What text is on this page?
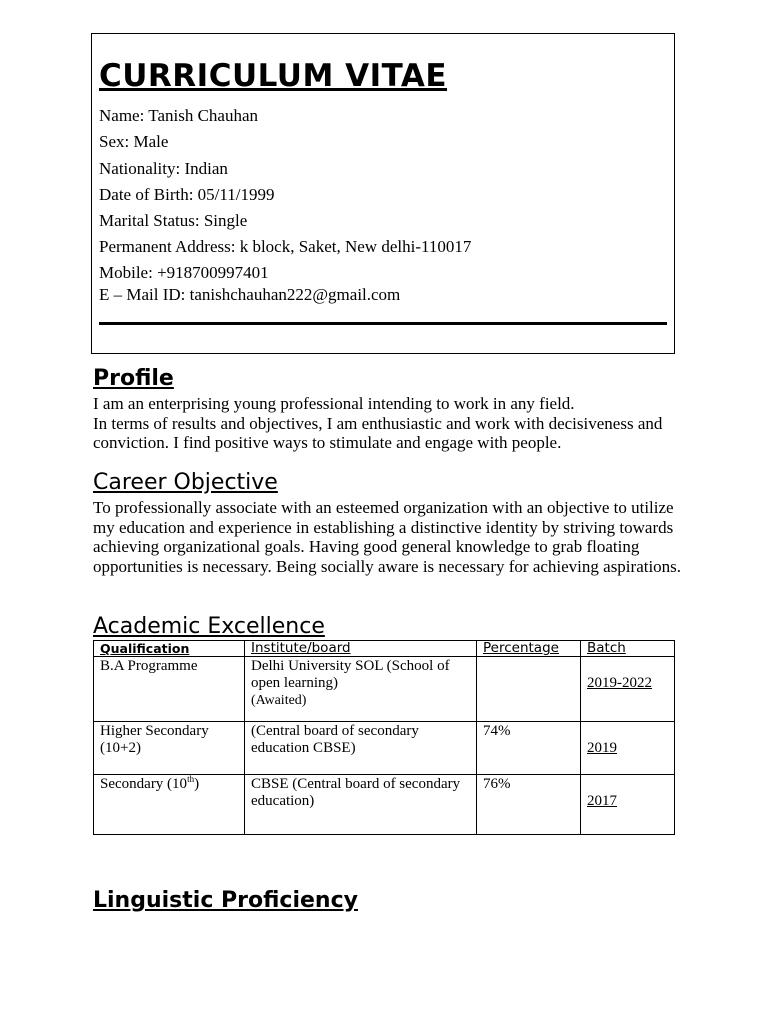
CURRICULUM VITAE

Name: Tanish Chauhan

Sex: Male

Nationality: Indian

Date of Birth: 05/11/1999

Marital Status: Single

Permanent Address: k block, Saket, New delhi-110017

Mobile: +918700997401

E – Mail ID: tanishchauhan222@gmail.com

Profile
I am an enterprising young professional intending to work in any field.
In terms of results and objectives, I am enthusiastic and work with decisiveness and conviction. I find positive ways to stimulate and engage with people.
Career Objective

To professionally associate with an esteemed organization with an objective to utilize my education and experience in establishing a distinctive identity by striving towards achieving organizational goals. Having good general knowledge to grab floating opportunities is necessary. Being socially aware is necessary for achieving aspirations.

Academic Excellence
Qualification	Institute/board	Percentage	Batch
B.A Programme	Delhi University SOL (School of open learning)
(Awaited)		2019-2022

Higher Secondary (10+2)	(Central board of secondary education CBSE)	74%	2019

Secondary (10th)	CBSE (Central board of secondary education)	76%	2017
Linguistic Proficiency
